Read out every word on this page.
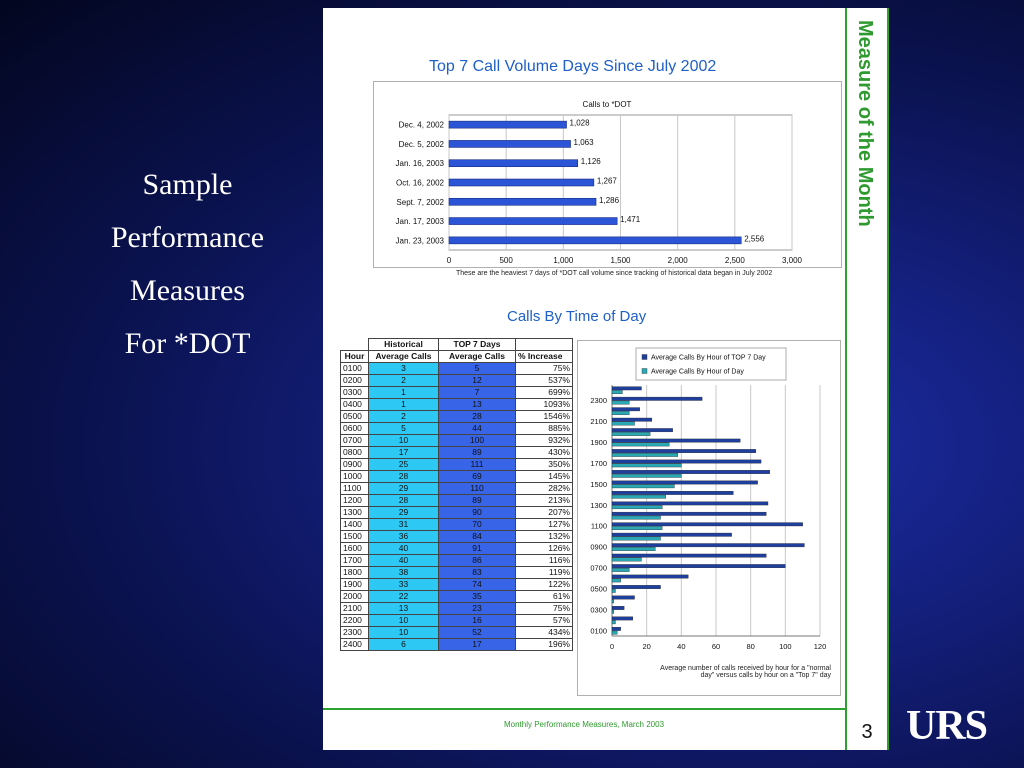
Sample
Performance
Measures
For *DOT
Top 7 Call Volume Days Since July 2002
Calls to *DOT
0	500	1,000	1,500	2,000	2,500	3,000
Dec. 4, 2002	1,028
Dec. 5, 2002	1,063
Jan. 16, 2003	1,126
Oct. 16, 2002	1,267
Sept. 7, 2002	1,286
Jan. 17, 2003	1,471
Jan. 23, 2003	2,556
These are the heaviest 7 days of *DOT call volume since tracking of historical data began in July 2002
Calls By Time of Day
	Historical	TOP 7 Days	
Hour	Average Calls	Average Calls	% Increase
0100	3	5	75%
0200	2	12	537%
0300	1	7	699%
0400	1	13	1093%
0500	2	28	1546%
0600	5	44	885%
0700	10	100	932%
0800	17	89	430%
0900	25	111	350%
1000	28	69	145%
1100	29	110	282%
1200	28	89	213%
1300	29	90	207%
1400	31	70	127%
1500	36	84	132%
1600	40	91	126%
1700	40	86	116%
1800	38	83	119%
1900	33	74	122%
2000	22	35	61%
2100	13	23	75%
2200	10	16	57%
2300	10	52	434%
2400	6	17	196%
Average Calls By Hour of TOP 7 Day
Average Calls By Hour of Day
0	20	40	60	80	100	120
0100
0300
0500
0700
0900
1100
1300
1500
1700
1900
2100
2300
Average number of calls received by hour for a "normal
day" versus calls by hour on a "Top 7" day
Monthly Performance Measures, March 2003
Measure of the Month
3 URS
